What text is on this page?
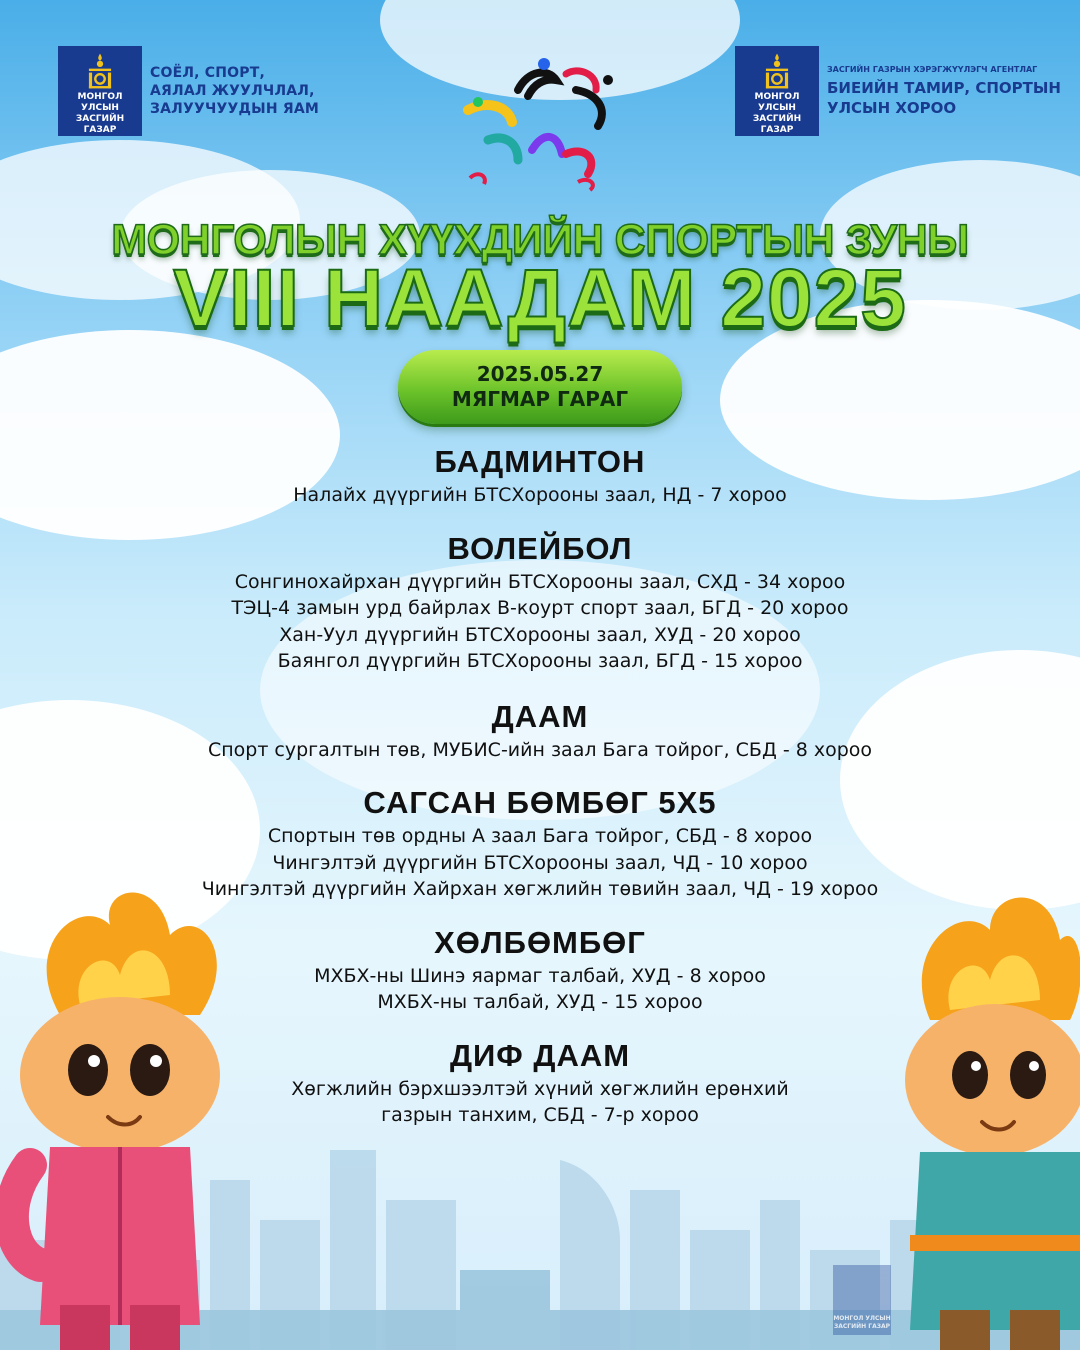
МОНГОЛ УЛСЫН
ЗАСГИЙН ГАЗАР
СОЁЛ, СПОРТ,
АЯЛАЛ ЖУУЛЧЛАЛ,
ЗАЛУУЧУУДЫН ЯАМ
МОНГОЛ УЛСЫН
ЗАСГИЙН ГАЗАР
ЗАСГИЙН ГАЗРЫН ХЭРЭГЖҮҮЛЭГЧ АГЕНТЛАГ
БИЕИЙН ТАМИР, СПОРТЫН
УЛСЫН ХОРОО
МОНГОЛЫН ХҮҮХДИЙН СПОРТЫН ЗУНЫ
VIII НААДАМ 2025
2025.05.27
МЯГМАР ГАРАГ
БАДМИНТОН

Налайх дүүргийн БТСХорооны заал, НД - 7 хороо

ВОЛЕЙБОЛ

Сонгинохайрхан дүүргийн БТСХорооны заал, СХД - 34 хороо

ТЭЦ-4 замын урд байрлах В-коурт спорт заал, БГД - 20 хороо

Хан-Уул дүүргийн БТСХорооны заал, ХУД - 20 хороо

Баянгол дүүргийн БТСХорооны заал, БГД - 15 хороо

ДААМ

Спорт сургалтын төв, МУБИС-ийн заал Бага тойрог, СБД - 8 хороо

САГСАН БӨМБӨГ 5Х5

Спортын төв ордны А заал Бага тойрог, СБД - 8 хороо

Чингэлтэй дүүргийн БТСХорооны заал, ЧД - 10 хороо

Чингэлтэй дүүргийн Хайрхан хөгжлийн төвийн заал, ЧД - 19 хороо

ХӨЛБӨМБӨГ

МХБХ-ны Шинэ яармаг талбай, ХУД - 8 хороо

МХБХ-ны талбай, ХУД - 15 хороо

ДИФ ДААМ

Хөгжлийн бэрхшээлтэй хүний хөгжлийн ерөнхий

газрын танхим, СБД - 7-р хороо

МОНГОЛ УЛСЫН
ЗАСГИЙН ГАЗАР
